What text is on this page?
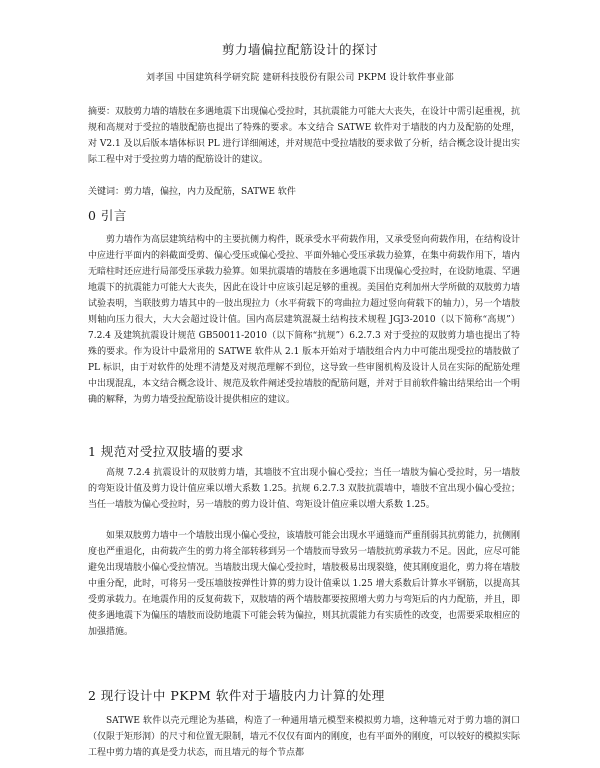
剪力墙偏拉配筋设计的探讨
刘孝国 中国建筑科学研究院 建研科技股份有限公司 PKPM 设计软件事业部

摘要：双肢剪力墙的墙肢在多遇地震下出现偏心受拉时，其抗震能力可能大大丧失，在设计中需引起重视，抗规和高规对于受拉的墙肢配筋也提出了特殊的要求。本文结合 SATWE 软件对于墙肢的内力及配筋的处理，对 V2.1 及以后版本墙体标识 PL 进行详细阐述，并对规范中受拉墙肢的要求做了分析，结合概念设计提出实际工程中对于受拉剪力墙的配筋设计的建议。

关键词：剪力墙，偏拉，内力及配筋，SATWE 软件

0 引言

剪力墙作为高层建筑结构中的主要抗侧力构件，既承受水平荷载作用，又承受竖向荷载作用，在结构设计中应进行平面内的斜截面受剪、偏心受压或偏心受拉、平面外轴心受压承载力验算，在集中荷载作用下，墙内无暗柱时还应进行局部受压承载力验算。如果抗震墙的墙肢在多遇地震下出现偏心受拉时，在设防地震、罕遇地震下的抗震能力可能大大丧失，因此在设计中应该引起足够的重视。美国伯克利加州大学所做的双肢剪力墙试验表明，当联肢剪力墙其中的一肢出现拉力（水平荷载下的弯曲拉力超过竖向荷载下的轴力），另一个墙肢则轴向压力很大，大大会超过设计值。国内高层建筑混凝土结构技术规程 JGJ3-2010（以下简称“高规”）7.2.4 及建筑抗震设计规范 GB50011-2010（以下简称“抗规”）6.2.7.3 对于受拉的双肢剪力墙也提出了特殊的要求。作为设计中最常用的 SATWE 软件从 2.1 版本开始对于墙肢组合内力中可能出现受拉的墙肢做了 PL 标识，由于对软件的处理不清楚及对规范理解不到位，这导致一些审图机构及设计人员在实际的配筋处理中出现混乱，本文结合概念设计、规范及软件阐述受拉墙肢的配筋问题，并对于目前软件输出结果给出一个明确的解释，为剪力墙受拉配筋设计提供相应的建议。

1 规范对受拉双肢墙的要求

高规 7.2.4 抗震设计的双肢剪力墙，其墙肢不宜出现小偏心受拉；当任一墙肢为偏心受拉时，另一墙肢的弯矩设计值及剪力设计值应乘以增大系数 1.25。抗规 6.2.7.3 双肢抗震墙中，墙肢不宜出现小偏心受拉；当任一墙肢为偏心受拉时，另一墙肢的剪力设计值、弯矩设计值应乘以增大系数 1.25。

如果双肢剪力墙中一个墙肢出现小偏心受拉，该墙肢可能会出现水平通缝而严重削弱其抗剪能力，抗侧刚度也严重退化，由荷载产生的剪力将全部转移到另一个墙肢而导致另一墙肢抗剪承载力不足。因此，应尽可能避免出现墙肢小偏心受拉情况。当墙肢出现大偏心受拉时，墙肢极易出现裂缝，使其刚度退化，剪力将在墙肢中重分配，此时，可将另一受压墙肢按弹性计算的剪力设计值乘以 1.25 增大系数后计算水平钢筋，以提高其受剪承载力。在地震作用的反复荷载下，双肢墙的两个墙肢都要按照增大剪力与弯矩后的内力配筋，并且，即使多遇地震下为偏压的墙肢而设防地震下可能会转为偏拉，则其抗震能力有实质性的改变，也需要采取相应的加强措施。

2 现行设计中 PKPM 软件对于墙肢内力计算的处理

SATWE 软件以壳元理论为基础，构造了一种通用墙元模型来模拟剪力墙，这种墙元对于剪力墙的洞口（仅限于矩形洞）的尺寸和位置无限制，墙元不仅仅有面内的刚度，也有平面外的刚度，可以较好的模拟实际工程中剪力墙的真是受力状态，而且墙元的每个节点都
